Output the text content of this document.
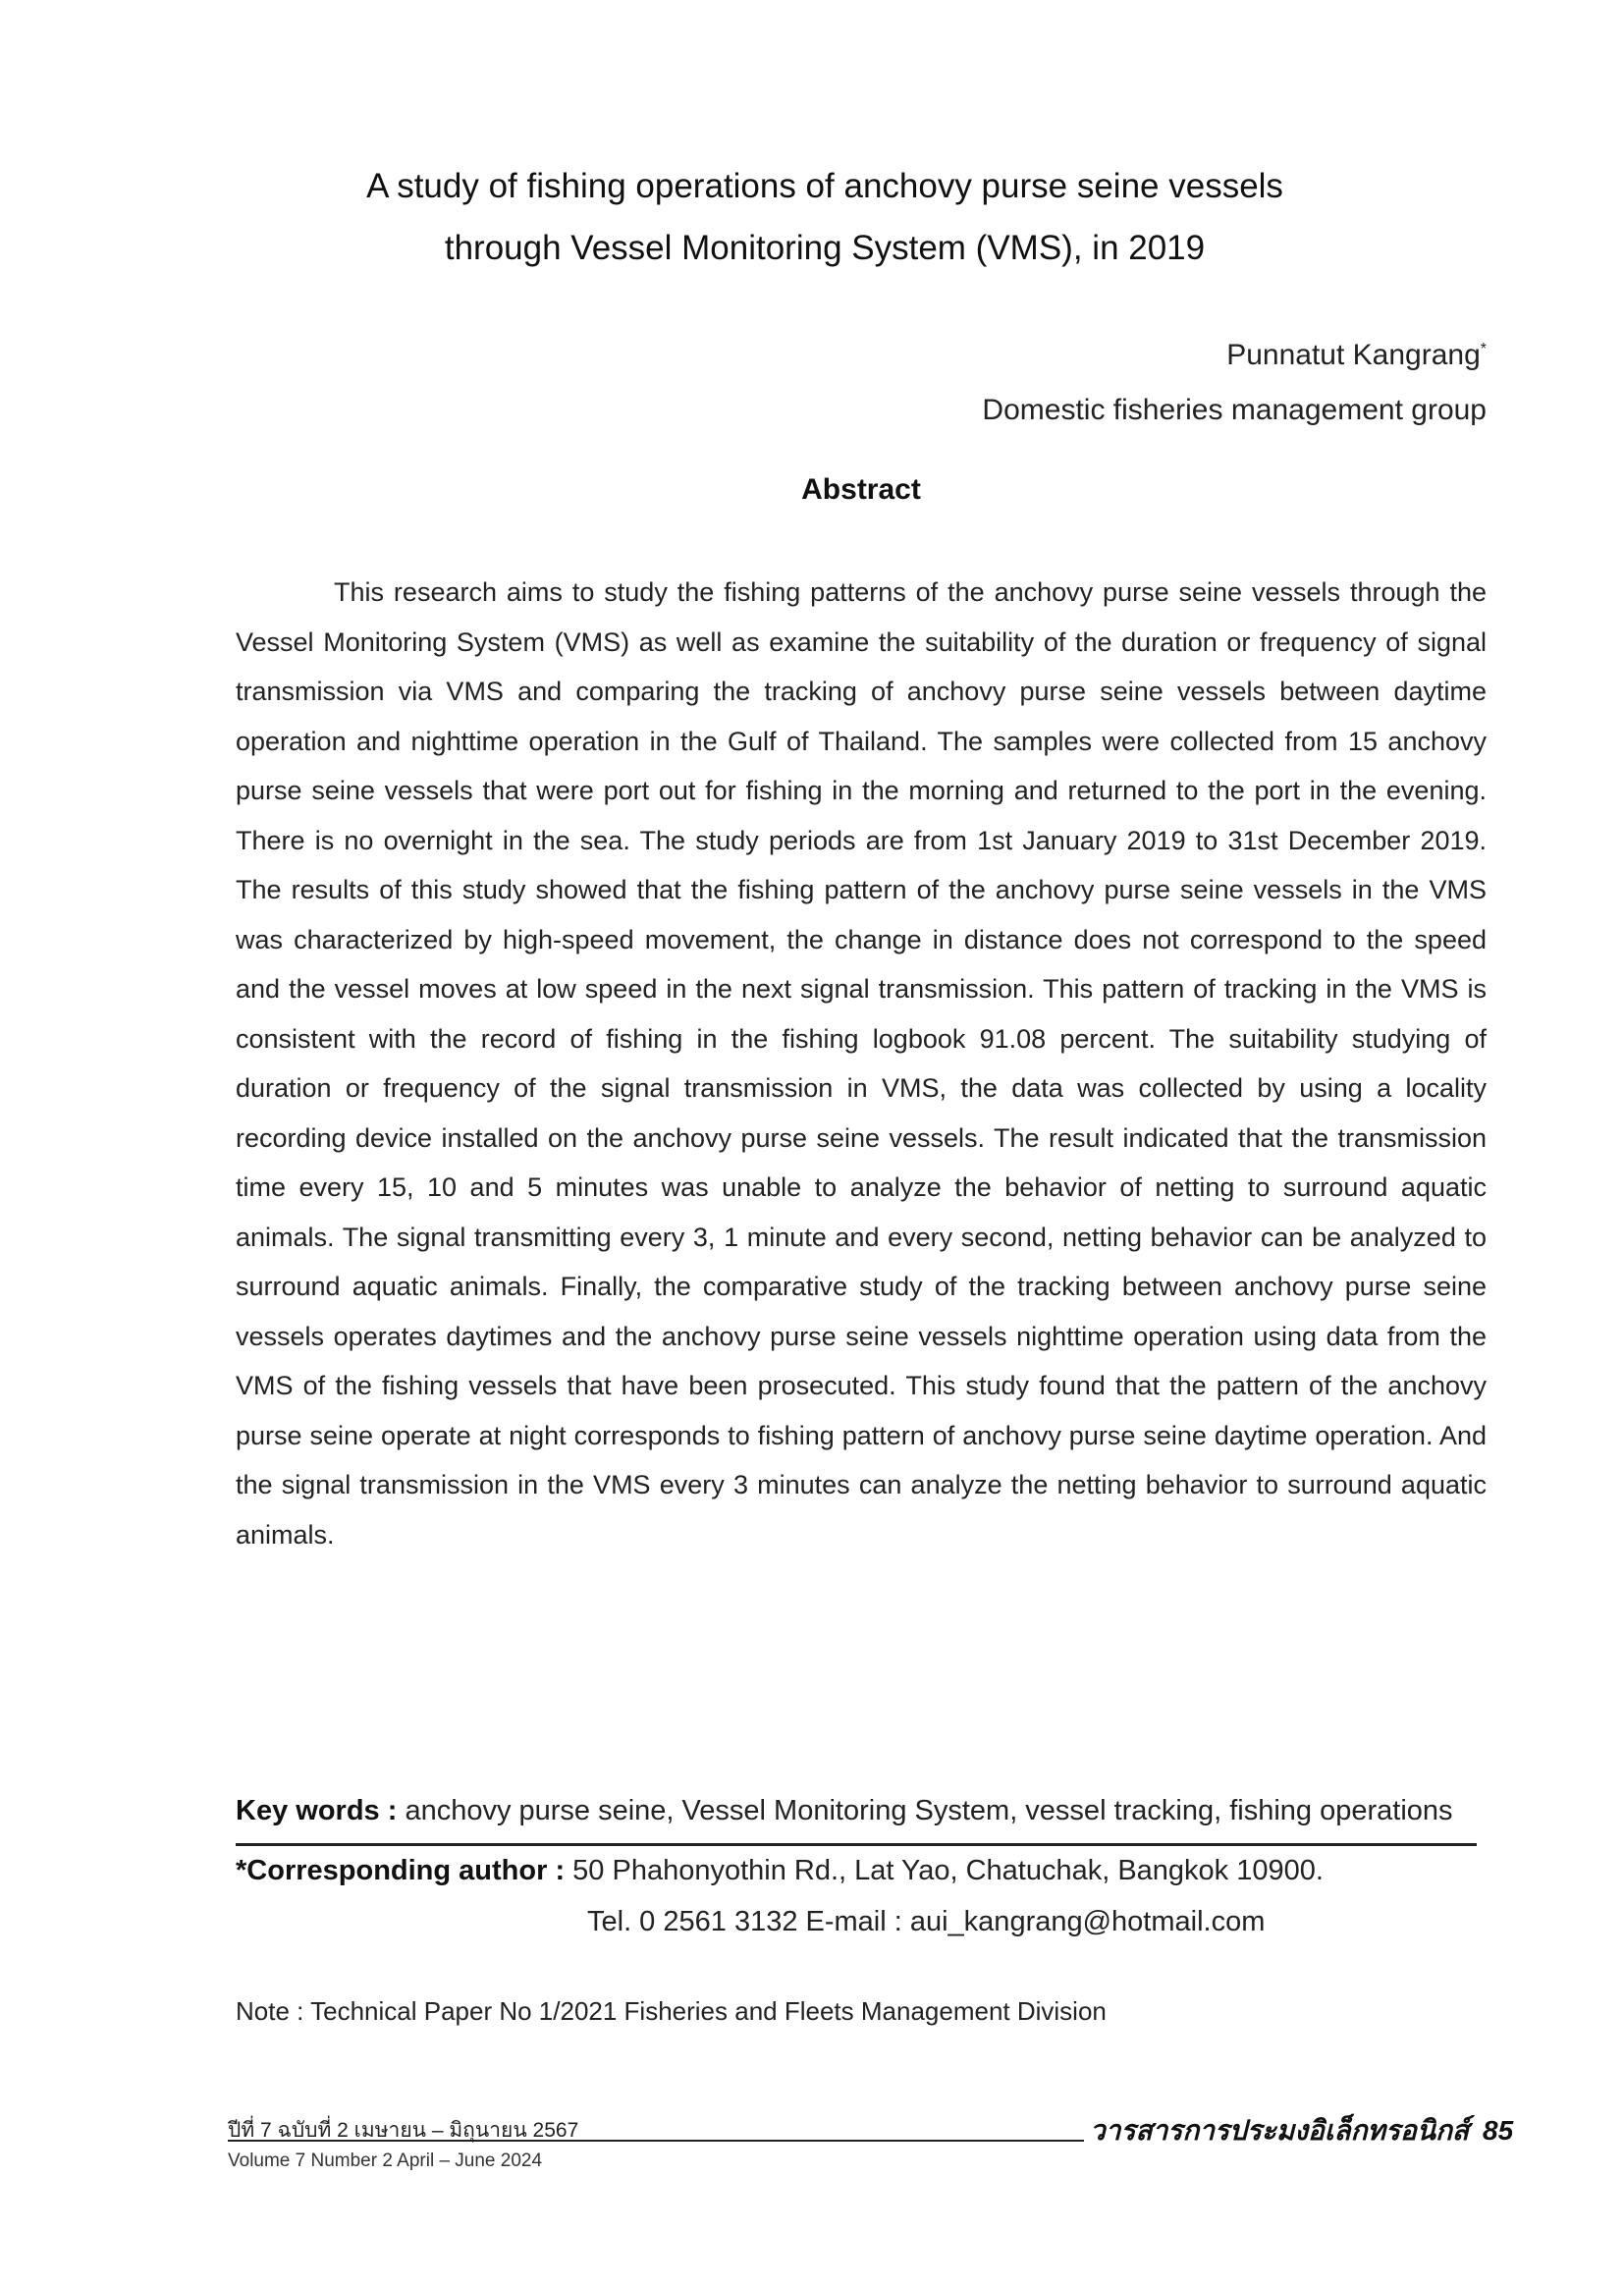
A study of fishing operations of anchovy purse seine vessels
through Vessel Monitoring System (VMS), in 2019
Punnatut Kangrang*
Domestic fisheries management group
Abstract

This research aims to study the fishing patterns of the anchovy purse seine vessels through the Vessel Monitoring System (VMS) as well as examine the suitability of the duration or frequency of signal transmission via VMS and comparing the tracking of anchovy purse seine vessels between daytime operation and nighttime operation in the Gulf of Thailand. The samples were collected from 15 anchovy purse seine vessels that were port out for fishing in the morning and returned to the port in the evening. There is no overnight in the sea. The study periods are from 1st January 2019 to 31st December 2019. The results of this study showed that the fishing pattern of the anchovy purse seine vessels in the VMS was characterized by high-speed movement, the change in distance does not correspond to the speed and the vessel moves at low speed in the next signal transmission. This pattern of tracking in the VMS is consistent with the record of fishing in the fishing logbook 91.08 percent. The suitability studying of duration or frequency of the signal transmission in VMS, the data was collected by using a locality recording device installed on the anchovy purse seine vessels. The result indicated that the transmission time every 15, 10 and 5 minutes was unable to analyze the behavior of netting to surround aquatic animals. The signal transmitting every 3, 1 minute and every second, netting behavior can be analyzed to surround aquatic animals. Finally, the comparative study of the tracking between anchovy purse seine vessels operates daytimes and the anchovy purse seine vessels nighttime operation using data from the VMS of the fishing vessels that have been prosecuted. This study found that the pattern of the anchovy purse seine operate at night corresponds to fishing pattern of anchovy purse seine daytime operation. And the signal transmission in the VMS every 3 minutes can analyze the netting behavior to surround aquatic animals.

Key words : anchovy purse seine, Vessel Monitoring System, vessel tracking, fishing operations
*Corresponding author : 50 Phahonyothin Rd., Lat Yao, Chatuchak, Bangkok 10900.
Tel. 0 2561 3132 E-mail : aui_kangrang@hotmail.com
Note : Technical Paper No 1/2021 Fisheries and Fleets Management Division
ปีที่ 7 ฉบับที่ 2 เมษายน – มิถุนายน 2567	วารสารการประมงอิเล็กทรอนิกส์ 85
Volume 7 Number 2 April – June 2024
